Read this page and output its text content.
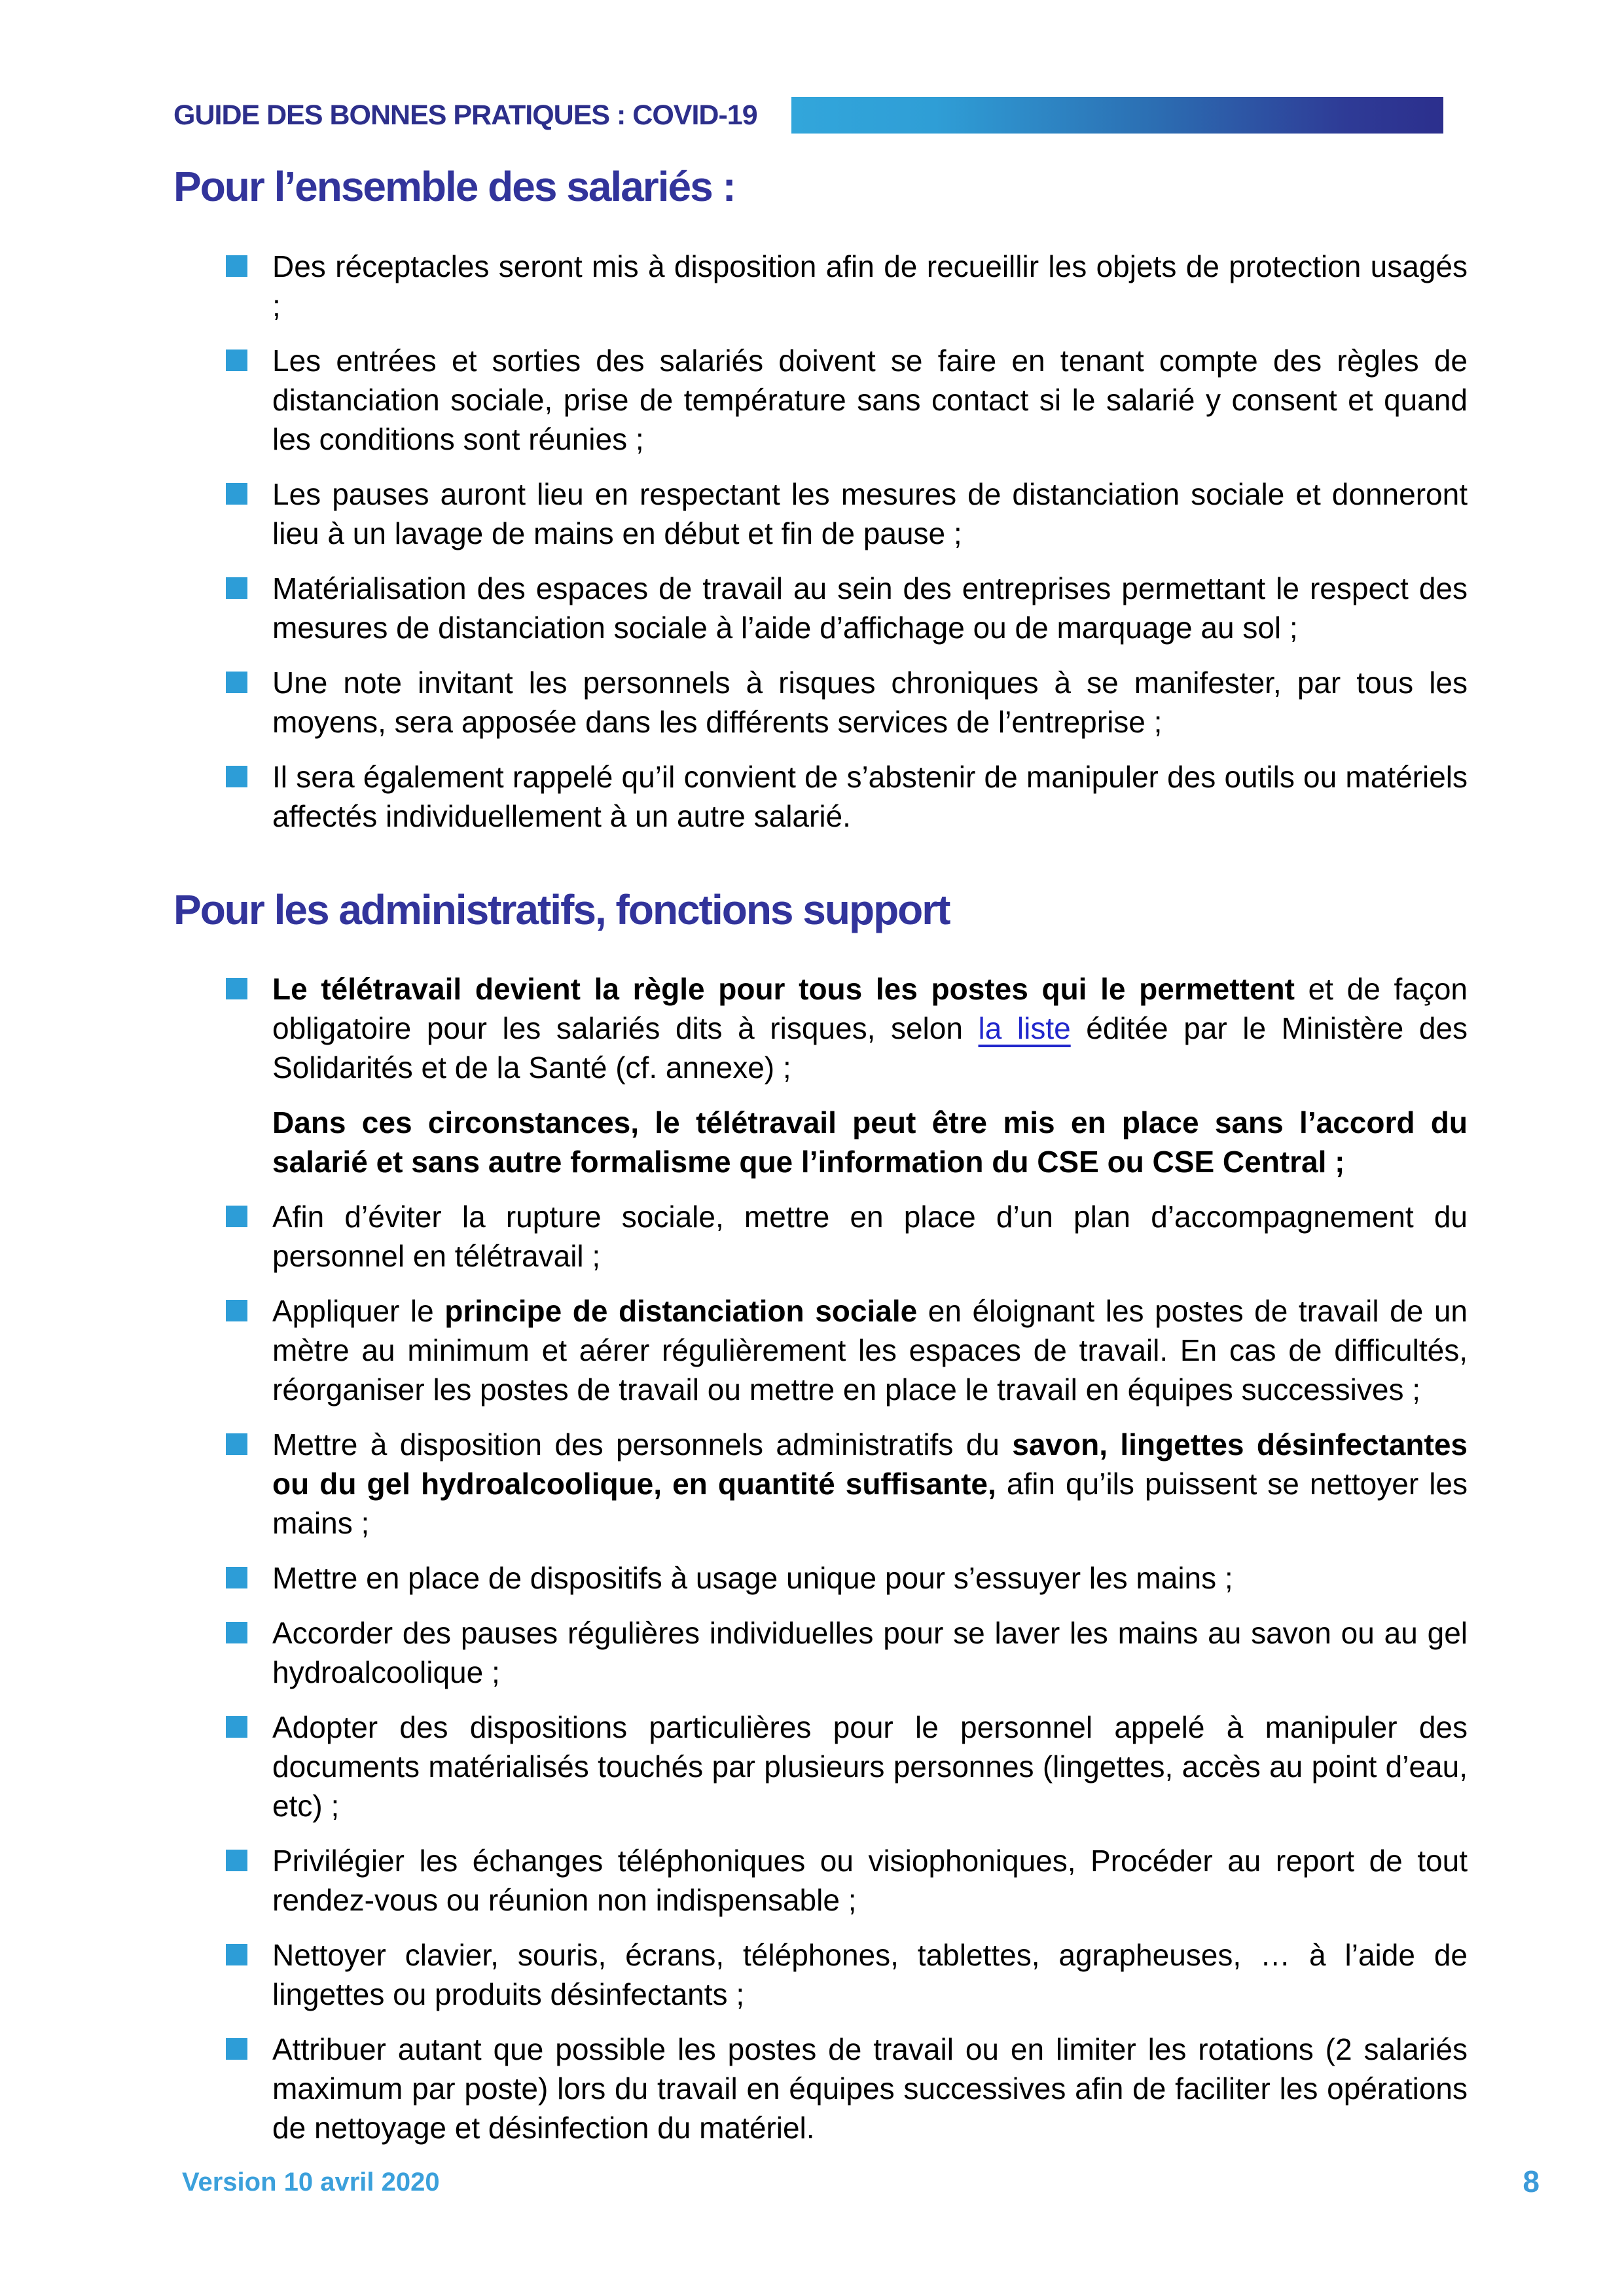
GUIDE DES BONNES PRATIQUES : COVID-19
Pour l’ensemble des salariés :
Des réceptacles seront mis à disposition afin de recueillir les objets de protection usagés ;
Les entrées et sorties des salariés doivent se faire en tenant compte des règles de distanciation sociale, prise de température sans contact si le salarié y consent et quand les conditions sont réunies ;
Les pauses auront lieu en respectant les mesures de distanciation sociale et donneront lieu à un lavage de mains en début et fin de pause ;
Matérialisation des espaces de travail au sein des entreprises permettant le respect des mesures de distanciation sociale à l’aide d’affichage ou de marquage au sol ;
Une note invitant les personnels à risques chroniques à se manifester, par tous les moyens, sera apposée dans les différents services de l’entreprise ;
Il sera également rappelé qu’il convient de s’abstenir de manipuler des outils ou matériels affectés individuellement à un autre salarié.
Pour les administratifs, fonctions support
Le télétravail devient la règle pour tous les postes qui le permettent et de façon obligatoire pour les salariés dits à risques, selon la liste éditée par le Ministère des Solidarités et de la Santé (cf. annexe) ;
Dans ces circonstances, le télétravail peut être mis en place sans l’accord du salarié et sans autre formalisme que l’information du CSE ou CSE Central ;
Afin d’éviter la rupture sociale, mettre en place d’un plan d’accompagnement du personnel en télétravail ;
Appliquer le principe de distanciation sociale en éloignant les postes de travail de un mètre au minimum et aérer régulièrement les espaces de travail. En cas de difficultés, réorganiser les postes de travail ou mettre en place le travail en équipes successives ;
Mettre à disposition des personnels administratifs du savon, lingettes désinfectantes ou du gel hydroalcoolique, en quantité suffisante, afin qu’ils puissent se nettoyer les mains ;
Mettre en place de dispositifs à usage unique pour s’essuyer les mains ;
Accorder des pauses régulières individuelles pour se laver les mains au savon ou au gel hydroalcoolique ;
Adopter des dispositions particulières pour le personnel appelé à manipuler des documents matérialisés touchés par plusieurs personnes (lingettes, accès au point d’eau, etc) ;
Privilégier les échanges téléphoniques ou visiophoniques, Procéder au report de tout rendez-vous ou réunion non indispensable ;
Nettoyer clavier, souris, écrans, téléphones, tablettes, agrapheuses, … à l’aide de lingettes ou produits désinfectants ;
Attribuer autant que possible les postes de travail ou en limiter les rotations (2 salariés maximum par poste) lors du travail en équipes successives afin de faciliter les opérations de nettoyage et désinfection du matériel.
Version 10 avril 2020	8
